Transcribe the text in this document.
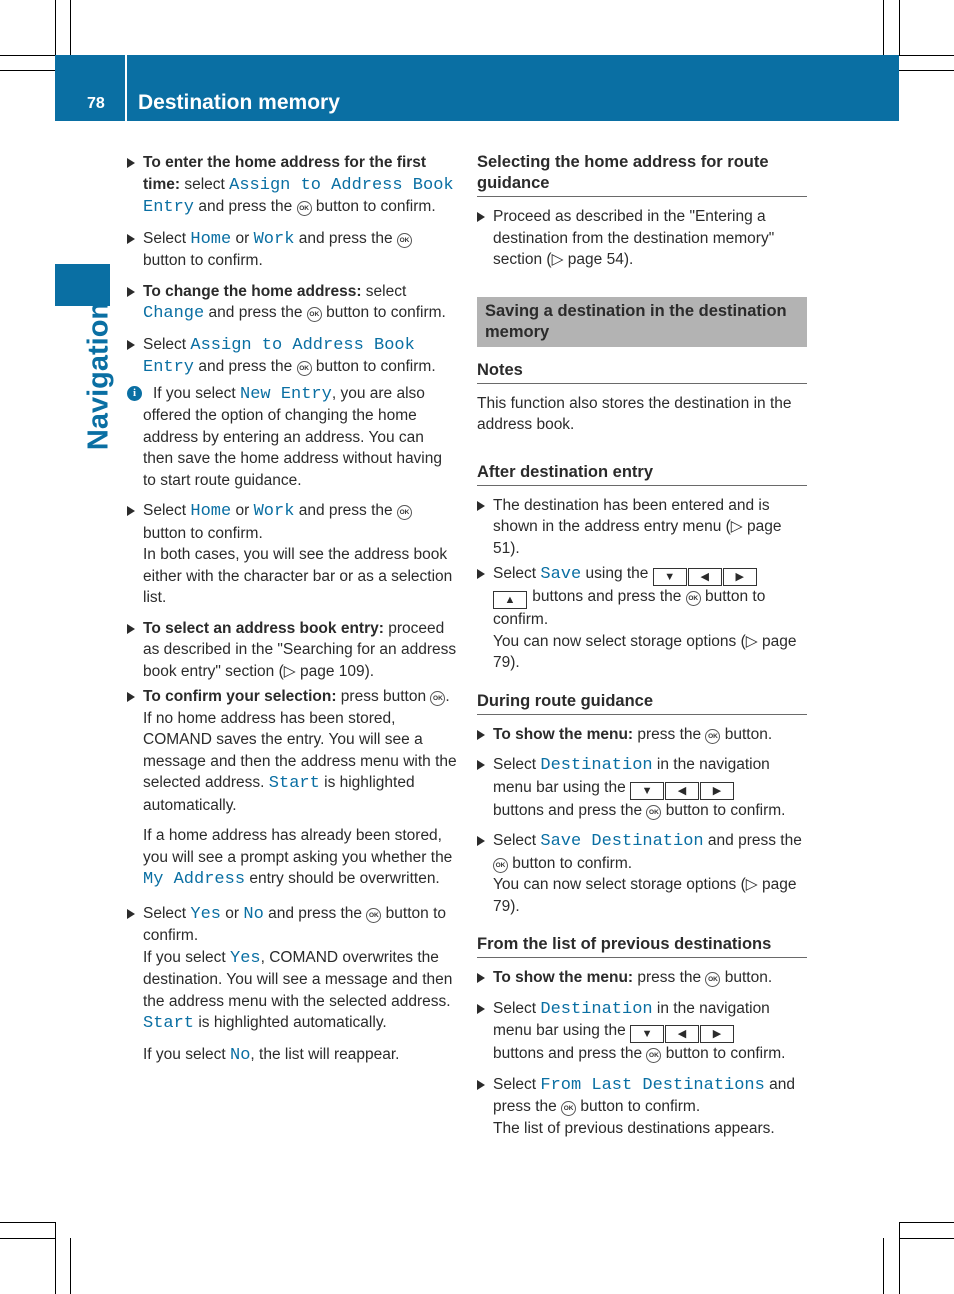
78 Destination memory
Navigation
To enter the home address for the first time: select Assign to Address Book Entry and press the OK button to confirm.
Select Home or Work and press the OK button to confirm.
To change the home address: select Change and press the OK button to confirm.
Select Assign to Address Book Entry and press the OK button to confirm.
i	If you select New Entry, you are also offered the option of changing the home address by entering an address. You can then save the home address without having to start route guidance.
Select Home or Work and press the OK button to confirm.
In both cases, you will see the address book either with the character bar or as a selection list.
To select an address book entry: proceed as described in the "Searching for an address book entry" section (▷ page 109).
To confirm your selection: press button OK .
If no home address has been stored, COMAND saves the entry. You will see a message and then the address menu with the selected address. Start is highlighted automatically.
If a home address has already been stored, you will see a prompt asking you whether the My Address entry should be overwritten.
Select Yes or No and press the OK button to confirm.
If you select Yes, COMAND overwrites the destination. You will see a message and then the address menu with the selected address. Start is highlighted automatically.
If you select No, the list will reappear.
Selecting the home address for route guidance
Proceed as described in the "Entering a destination from the destination memory" section (▷ page 54).
Saving a destination in the destination memory
Notes
This function also stores the destination in the address book.
After destination entry
The destination has been entered and is shown in the address entry menu (▷ page 51).
Select Save using the ▼ ◀ ▶
▲ buttons and press the OK button to confirm.
You can now select storage options (▷ page 79).
During route guidance
To show the menu: press the OK button.
Select Destination in the navigation menu bar using the ▼ ◀ ▶
buttons and press the OK button to confirm.
Select Save Destination and press the OK button to confirm.
You can now select storage options (▷ page 79).
From the list of previous destinations
To show the menu: press the OK button.
Select Destination in the navigation menu bar using the ▼ ◀ ▶
buttons and press the OK button to confirm.
Select From Last Destinations and press the OK button to confirm.
The list of previous destinations appears.
